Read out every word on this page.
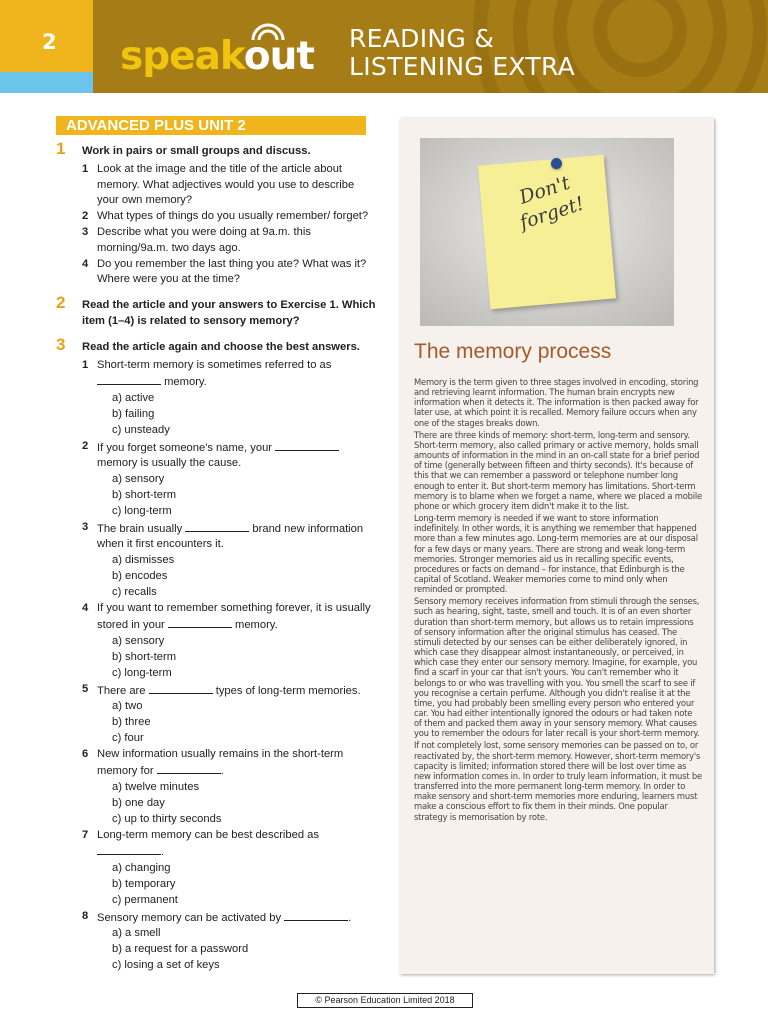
2 speakout READING &
LISTENING EXTRA
ADVANCED PLUS UNIT 2
1 Work in pairs or small groups and discuss.
1 Look at the image and the title of the article about memory. What adjectives would you use to describe your own memory?
2 What types of things do you usually remember/ forget?
3 Describe what you were doing at 9a.m. this morning/9a.m. two days ago.
4 Do you remember the last thing you ate? What was it? Where were you at the time?
2 Read the article and your answers to Exercise 1. Which item (1–4) is related to sensory memory?
3 Read the article again and choose the best answers.
1 Short-term memory is sometimes referred to as  memory.
a) active
b) failing
c) unsteady
2 If you forget someone's name, your  memory is usually the cause.
a) sensory
b) short-term
c) long-term
3 The brain usually	brand new information when it first encounters it.
a) dismisses
b) encodes
c) recalls
4 If you want to remember something forever, it is usually stored in your	memory.
a) sensory
b) short-term
c) long-term
5 There are	types of long-term memories.
a) two
b) three
c) four
6 New information usually remains in the short-term memory for	.
a) twelve minutes
b) one day
c) up to thirty seconds
7 Long-term memory can be best described as .
a) changing
b) temporary
c) permanent
8 Sensory memory can be activated by	.
a) a smell
b) a request for a password
c) losing a set of keys
Don't forget!
The memory process

Memory is the term given to three stages involved in encoding, storing and retrieving learnt information. The human brain encrypts new information when it detects it. The information is then packed away for later use, at which point it is recalled. Memory failure occurs when any one of the stages breaks down.

There are three kinds of memory: short-term, long-term and sensory. Short-term memory, also called primary or active memory, holds small amounts of information in the mind in an on-call state for a brief period of time (generally between fifteen and thirty seconds). It's because of this that we can remember a password or telephone number long enough to enter it. But short-term memory has limitations. Short-term memory is to blame when we forget a name, where we placed a mobile phone or which grocery item didn't make it to the list.

Long-term memory is needed if we want to store information indefinitely. In other words, it is anything we remember that happened more than a few minutes ago. Long-term memories are at our disposal for a few days or many years. There are strong and weak long-term memories. Stronger memories aid us in recalling specific events, procedures or facts on demand – for instance, that Edinburgh is the capital of Scotland. Weaker memories come to mind only when reminded or prompted.

Sensory memory receives information from stimuli through the senses, such as hearing, sight, taste, smell and touch. It is of an even shorter duration than short-term memory, but allows us to retain impressions of sensory information after the original stimulus has ceased. The stimuli detected by our senses can be either deliberately ignored, in which case they disappear almost instantaneously, or perceived, in which case they enter our sensory memory. Imagine, for example, you find a scarf in your car that isn't yours. You can't remember who it belongs to or who was travelling with you. You smell the scarf to see if you recognise a certain perfume. Although you didn't realise it at the time, you had probably been smelling every person who entered your car. You had either intentionally ignored the odours or had taken note of them and packed them away in your sensory memory. What causes you to remember the odours for later recall is your short-term memory.

If not completely lost, some sensory memories can be passed on to, or reactivated by, the short-term memory. However, short-term memory's capacity is limited; information stored there will be lost over time as new information comes in. In order to truly learn information, it must be transferred into the more permanent long-term memory. In order to make sensory and short-term memories more enduring, learners must make a conscious effort to fix them in their minds. One popular strategy is memorisation by rote.

© Pearson Education Limited 2018
